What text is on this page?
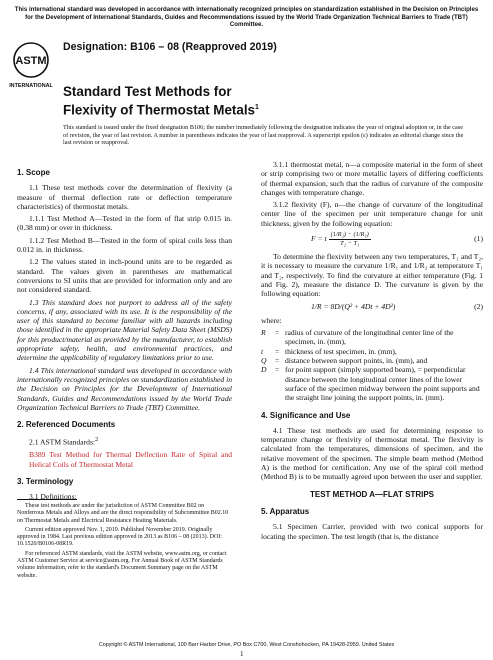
This international standard was developed in accordance with internationally recognized principles on standardization established in the Decision on Principles for the Development of International Standards, Guides and Recommendations issued by the World Trade Organization Technical Barriers to Trade (TBT) Committee.
ASTM
INTERNATIONAL
Designation: B106 – 08 (Reapproved 2019)
Standard Test Methods for
Flexivity of Thermostat Metals$^1$
This standard is issued under the fixed designation B106; the number immediately following the designation indicates the year of original adoption or, in the case of revision, the year of last revision. A number in parentheses indicates the year of last reapproval. A superscript epsilon (ε) indicates an editorial change since the last revision or reapproval.
1. Scope

1.1 These test methods cover the determination of flexivity (a measure of thermal deflection rate or deflection temperature characteristics) of thermostat metals.

1.1.1 Test Method A—Tested in the form of flat strip 0.015 in. (0.38 mm) or over in thickness.

1.1.2 Test Method B—Tested in the form of spiral coils less than 0.012 in. in thickness.

1.2 The values stated in inch-pound units are to be regarded as standard. The values given in parentheses are mathematical conversions to SI units that are provided for information only and are not considered standard.

1.3 This standard does not purport to address all of the safety concerns, if any, associated with its use. It is the responsibility of the user of this standard to become familiar with all hazards including those identified in the appropriate Material Safety Data Sheet (MSDS) for this product/material as provided by the manufacturer, to establish appropriate safety, health, and environmental practices, and determine the applicability of regulatory limitations prior to use.

1.4 This international standard was developed in accordance with internationally recognized principles on standardization established in the Decision on Principles for the Development of International Standards, Guides and Recommendations issued by the World Trade Organization Technical Barriers to Trade (TBT) Committee.

2. Referenced Documents

2.1 ASTM Standards:$^2$

B389 Test Method for Thermal Deflection Rate of Spiral and Helical Coils of Thermostat Metal

3. Terminology

3.1 Definitions:

These test methods are under the jurisdiction of ASTM Committee B02 on Nonferrous Metals and Alloys and are the direct responsibility of Subcommittee B02.10 on Thermostat Metals and Electrical Resistance Heating Materials.

Current edition approved Nov. 1, 2019. Published November 2019. Originally approved in 1984. Last previous edition approved in 2013 as B106 – 08 (2013). DOI: 10.1520/B0106-08R19.

For referenced ASTM standards, visit the ASTM website, www.astm.org, or contact ASTM Customer Service at service@astm.org. For Annual Book of ASTM Standards volume information, refer to the standard's Document Summary page on the ASTM website.

3.1.1 thermostat metal, n—a composite material in the form of sheet or strip comprising two or more metallic layers of differing coefficients of thermal expansion, such that the radius of curvature of the composite changes with temperature change.

3.1.2 flexivity (F), n—the change of curvature of the longitudinal center line of the specimen per unit temperature change for unit thickness, given by the following equation:

F = t $\frac{\text{(1/R₂) − (1/R₁)}}{\text{T₂ − T₁}}$	(1)

To determine the flexivity between any two temperatures, T₁ and T₂, it is necessary to measure the curvature 1/R₁ and 1/R₂ at temperature T₁ and T₂, respectively. To find the curvature at either temperature (Fig. 1 and Fig. 2), measure the distance D. The curvature is given by the following equation:

1/R = 8D/(Q² + 4Dt + 4D²)	(2)

where:

R	= radius of curvature of the longitudinal center line of the specimen, in. (mm),
t	= thickness of test specimen, in. (mm),
Q	= distance between support points, in. (mm), and
D	= for point support (simply supported beam), = perpendicular distance between the longitudinal center lines of the lower surface of the specimen midway between the point supports and the straight line joining the support points, in. (mm).
4. Significance and Use

4.1 These test methods are used for determining response to temperature change or flexivity of thermostat metal. The flexivity is calculated from the temperatures, dimensions of specimen, and the relative movement of the specimen. The simple beam method (Method A) is the method for certification. Any use of the spiral coil method (Method B) is to be mutually agreed upon between the user and supplier.

TEST METHOD A—FLAT STRIPS
5. Apparatus

5.1 Specimen Carrier, provided with two conical supports for locating the specimen. The test length (that is, the distance

Copyright © ASTM International, 100 Barr Harbor Drive, PO Box C700, West Conshohocken, PA 19428-2959. United States
1
